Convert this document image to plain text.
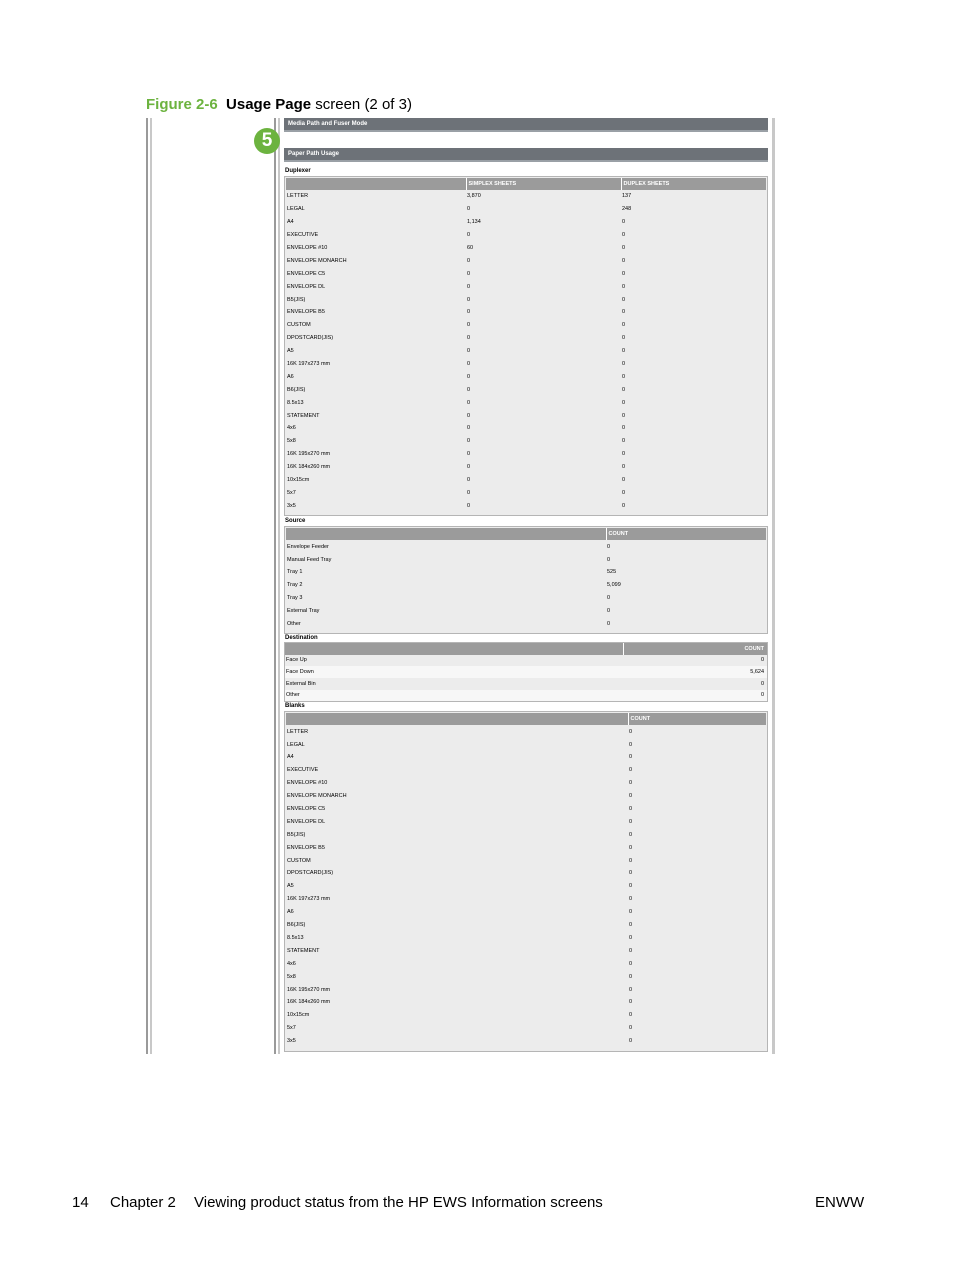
Figure 2-6 Usage Page screen (2 of 3)
5
Media Path and Fuser Mode
Paper Path Usage
Duplexer
	SIMPLEX SHEETS	DUPLEX SHEETS
LETTER	3,870	137
LEGAL	0	248
A4	1,134	0
EXECUTIVE	0	0
ENVELOPE #10	60	0
ENVELOPE MONARCH	0	0
ENVELOPE C5	0	0
ENVELOPE DL	0	0
B5(JIS)	0	0
ENVELOPE B5	0	0
CUSTOM	0	0
DPOSTCARD(JIS)	0	0
A5	0	0
16K 197x273 mm	0	0
A6	0	0
B6(JIS)	0	0
8.5x13	0	0
STATEMENT	0	0
4x6	0	0
5x8	0	0
16K 195x270 mm	0	0
16K 184x260 mm	0	0
10x15cm	0	0
5x7	0	0
3x5	0	0
Source
	COUNT
Envelope Feeder	0
Manual Feed Tray	0
Tray 1	525
Tray 2	5,099
Tray 3	0
External Tray	0
Other	0
Destination
	COUNT
Face Up	0
Face Down	5,624
External Bin	0
Other	0
Blanks
	COUNT
LETTER	0
LEGAL	0
A4	0
EXECUTIVE	0
ENVELOPE #10	0
ENVELOPE MONARCH	0
ENVELOPE C5	0
ENVELOPE DL	0
B5(JIS)	0
ENVELOPE B5	0
CUSTOM	0
DPOSTCARD(JIS)	0
A5	0
16K 197x273 mm	0
A6	0
B6(JIS)	0
8.5x13	0
STATEMENT	0
4x6	0
5x8	0
16K 195x270 mm	0
16K 184x260 mm	0
10x15cm	0
5x7	0
3x5	0
14 Chapter 2 Viewing product status from the HP EWS Information screens	ENWW
